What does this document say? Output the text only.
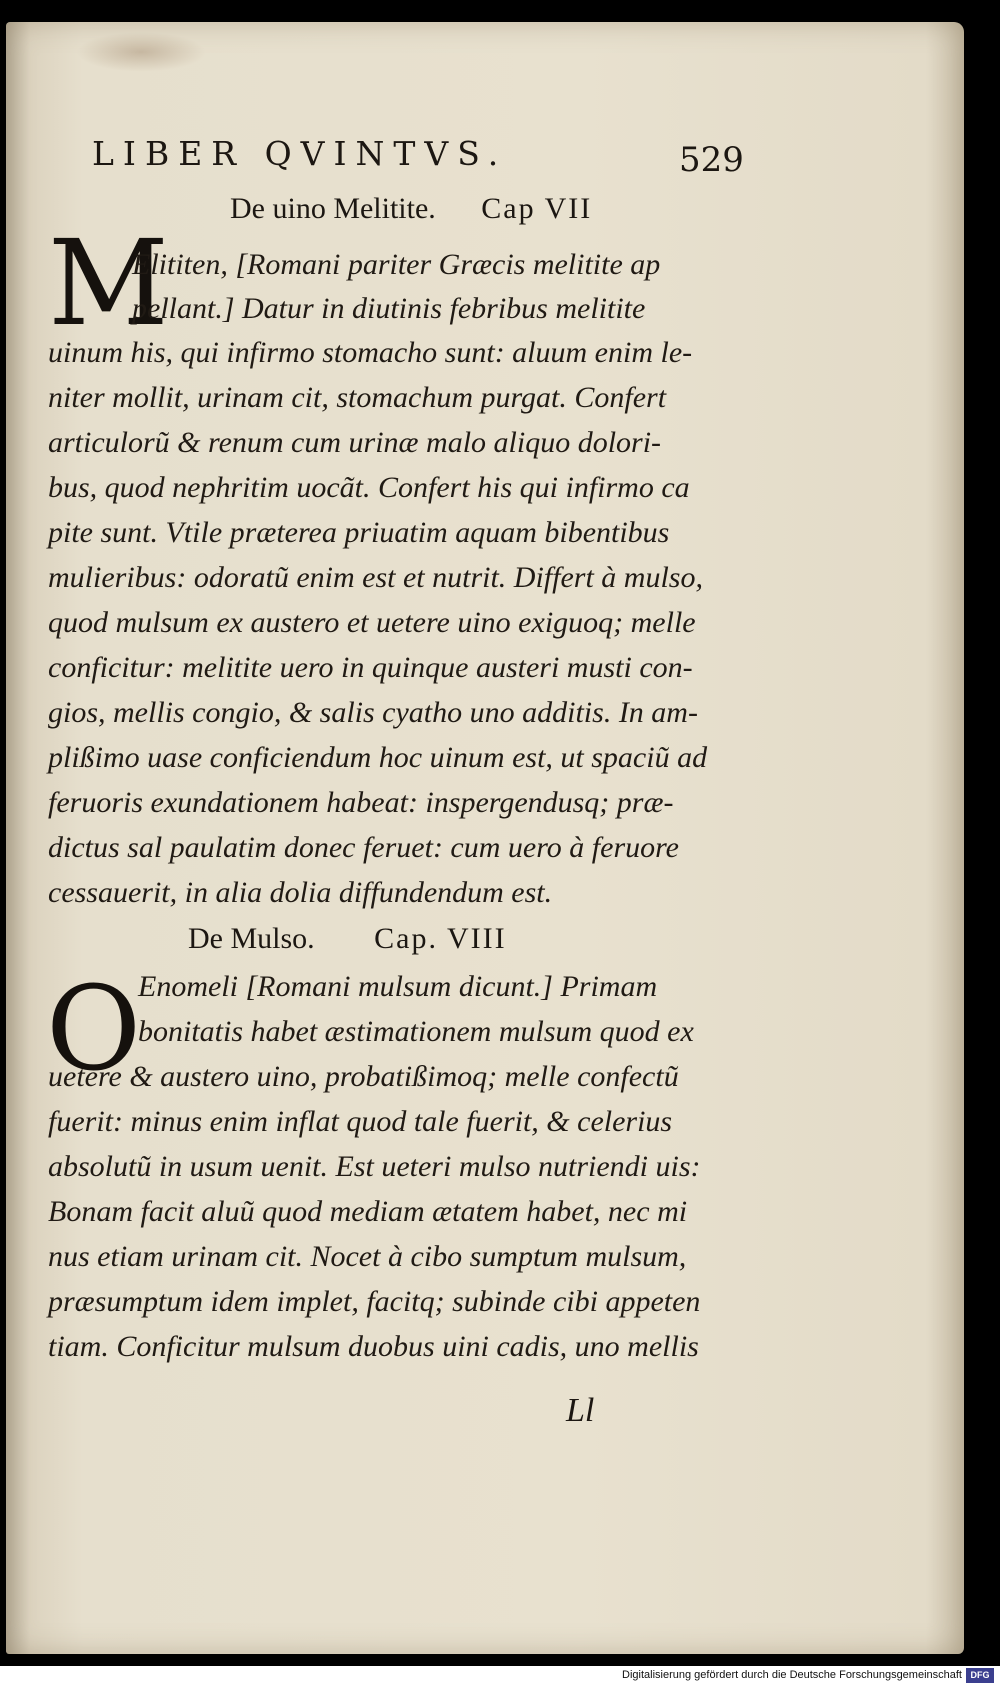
LIBER QVINTVS.	529
De uino Melitite. Cap VII
M
Elititen, [Romani pariter Græcis melitite ap
pellant.] Datur in diutinis febribus melitite
uinum his, qui infirmo stomacho sunt: aluum enim le-
niter mollit, urinam cit, stomachum purgat. Confert
articulorũ & renum cum urinæ malo aliquo dolori-
bus, quod nephritim uocãt. Confert his qui infirmo ca
pite sunt. Vtile præterea priuatim aquam bibentibus
mulieribus: odoratũ enim est et nutrit. Differt à mulso,
quod mulsum ex austero et uetere uino exiguoq; melle
conficitur: melitite uero in quinque austeri musti con-
gios, mellis congio, & salis cyatho uno additis. In am-
plißimo uase conficiendum hoc uinum est, ut spaciũ ad
feruoris exundationem habeat: inspergendusq; præ-
dictus sal paulatim donec feruet: cum uero à feruore
cessauerit, in alia dolia diffundendum est.
De Mulso. Cap. VIII
O
Enomeli [Romani mulsum dicunt.] Primam
bonitatis habet æstimationem mulsum quod ex
uetere & austero uino, probatißimoq; melle confectũ
fuerit: minus enim inflat quod tale fuerit, & celerius
absolutũ in usum uenit. Est ueteri mulso nutriendi uis:
Bonam facit aluũ quod mediam ætatem habet, nec mi
nus etiam urinam cit. Nocet à cibo sumptum mulsum,
præsumptum idem implet, facitq; subinde cibi appeten
tiam. Conficitur mulsum duobus uini cadis, uno mellis
Ll
Digitalisierung gefördert durch die Deutsche Forschungsgemeinschaft DFG
